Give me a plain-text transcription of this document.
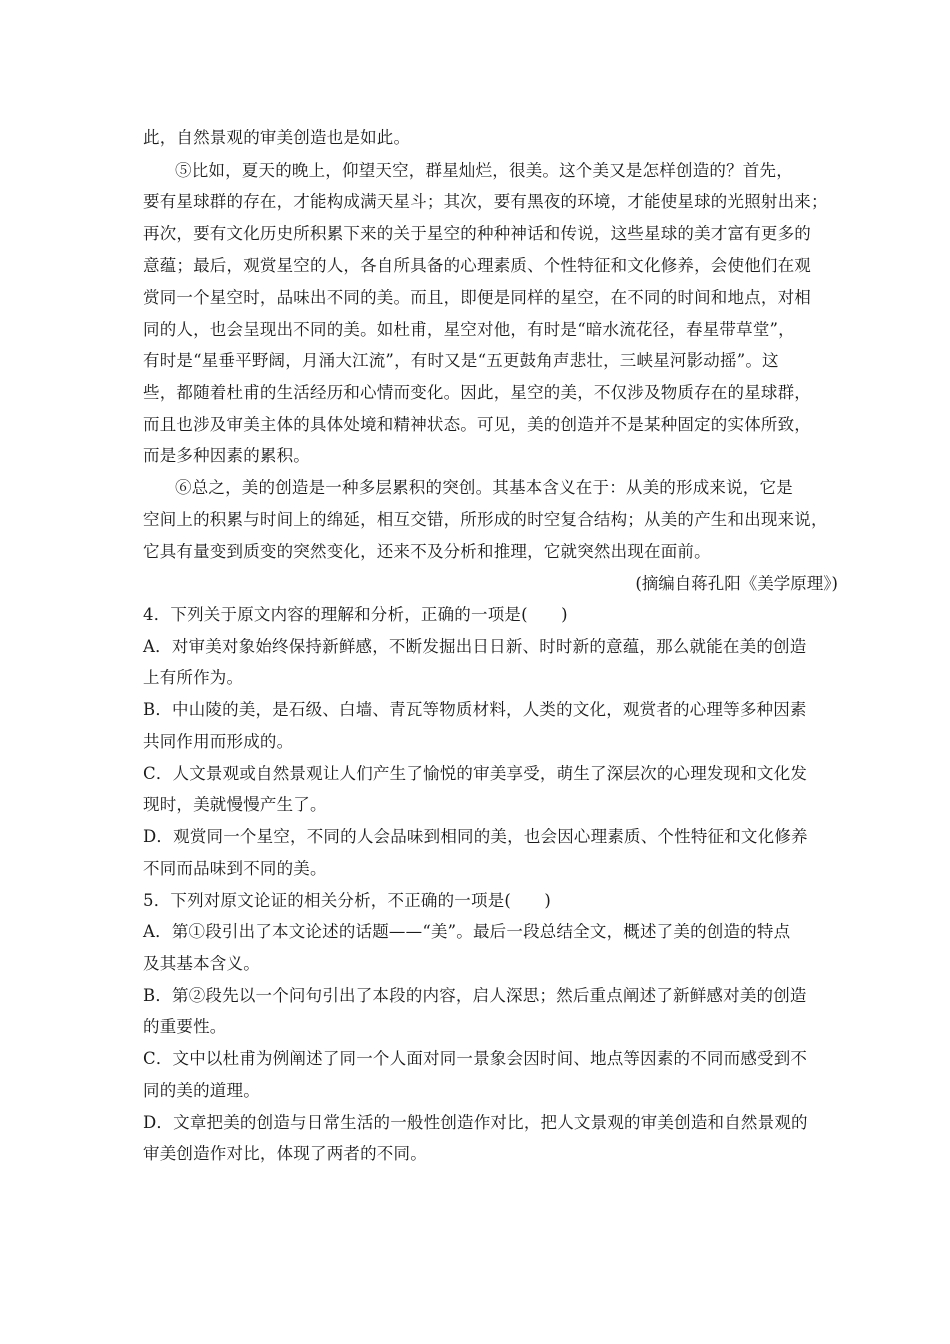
此，自然景观的审美创造也是如此。
⑤比如，夏天的晚上，仰望天空，群星灿烂，很美。这个美又是怎样创造的？首先，
要有星球群的存在，才能构成满天星斗；其次，要有黑夜的环境，才能使星球的光照射出来；
再次，要有文化历史所积累下来的关于星空的种种神话和传说，这些星球的美才富有更多的
意蕴；最后，观赏星空的人，各自所具备的心理素质、个性特征和文化修养，会使他们在观
赏同一个星空时，品味出不同的美。而且，即便是同样的星空，在不同的时间和地点，对相
同的人，也会呈现出不同的美。如杜甫，星空对他，有时是“暗水流花径，春星带草堂”，
有时是“星垂平野阔，月涌大江流”，有时又是“五更鼓角声悲壮，三峡星河影动摇”。这
些，都随着杜甫的生活经历和心情而变化。因此，星空的美，不仅涉及物质存在的星球群，
而且也涉及审美主体的具体处境和精神状态。可见，美的创造并不是某种固定的实体所致，
而是多种因素的累积。
⑥总之，美的创造是一种多层累积的突创。其基本含义在于：从美的形成来说，它是
空间上的积累与时间上的绵延，相互交错，所形成的时空复合结构；从美的产生和出现来说，
它具有量变到质变的突然变化，还来不及分析和推理，它就突然出现在面前。
(摘编自蒋孔阳《美学原理》)
4．下列关于原文内容的理解和分析，正确的一项是(　　)
A．对审美对象始终保持新鲜感，不断发掘出日日新、时时新的意蕴，那么就能在美的创造
上有所作为。
B．中山陵的美，是石级、白墙、青瓦等物质材料，人类的文化，观赏者的心理等多种因素
共同作用而形成的。
C．人文景观或自然景观让人们产生了愉悦的审美享受，萌生了深层次的心理发现和文化发
现时，美就慢慢产生了。
D．观赏同一个星空，不同的人会品味到相同的美，也会因心理素质、个性特征和文化修养
不同而品味到不同的美。
5．下列对原文论证的相关分析，不正确的一项是(　　)
A．第①段引出了本文论述的话题——“美”。最后一段总结全文，概述了美的创造的特点
及其基本含义。
B．第②段先以一个问句引出了本段的内容，启人深思；然后重点阐述了新鲜感对美的创造
的重要性。
C．文中以杜甫为例阐述了同一个人面对同一景象会因时间、地点等因素的不同而感受到不
同的美的道理。
D．文章把美的创造与日常生活的一般性创造作对比，把人文景观的审美创造和自然景观的
审美创造作对比，体现了两者的不同。
